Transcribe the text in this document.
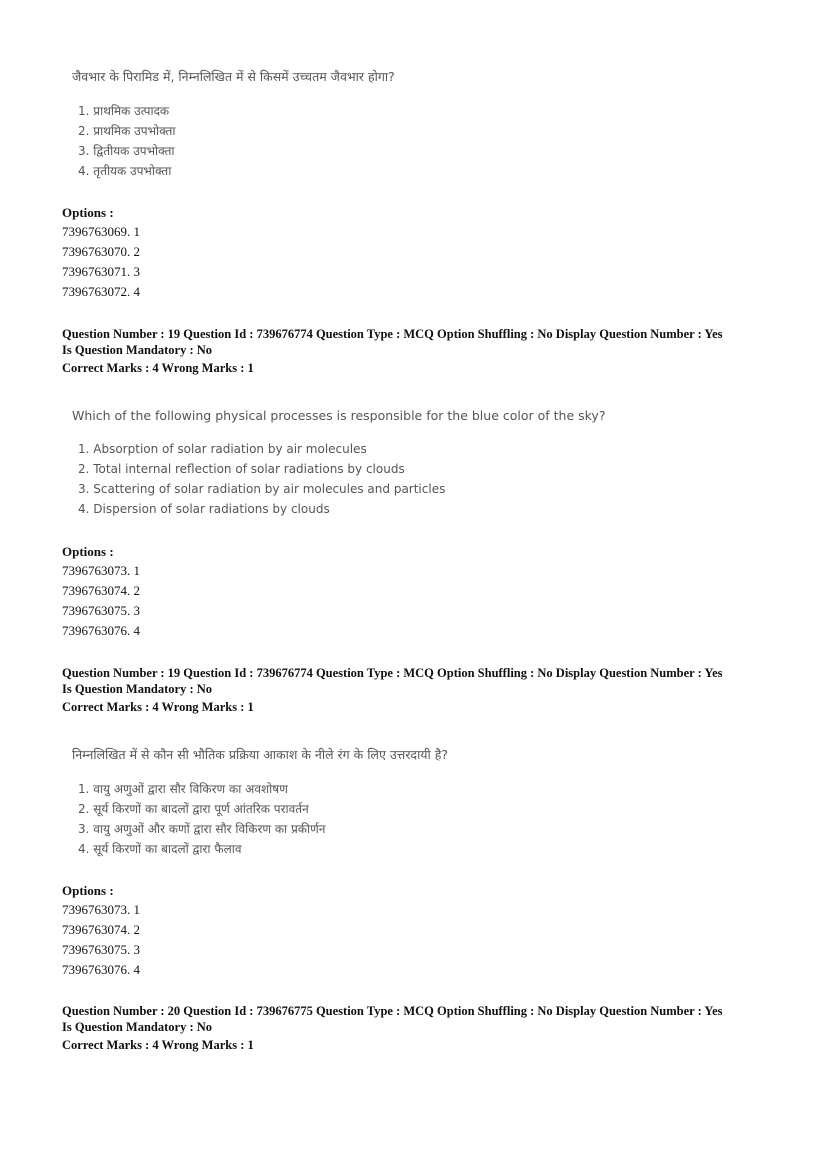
जैवभार के पिरामिड में, निम्नलिखित में से किसमें उच्चतम जैवभार होगा?
1. प्राथमिक उत्पादक
2. प्राथमिक उपभोक्ता
3. द्वितीयक उपभोक्ता
4. तृतीयक उपभोक्ता
Options :
7396763069. 1
7396763070. 2
7396763071. 3
7396763072. 4
Question Number : 19 Question Id : 739676774 Question Type : MCQ Option Shuffling : No Display Question Number : Yes
Is Question Mandatory : No
Correct Marks : 4 Wrong Marks : 1
Which of the following physical processes is responsible for the blue color of the sky?
1. Absorption of solar radiation by air molecules
2. Total internal reflection of solar radiations by clouds
3. Scattering of solar radiation by air molecules and particles
4. Dispersion of solar radiations by clouds
Options :
7396763073. 1
7396763074. 2
7396763075. 3
7396763076. 4
Question Number : 19 Question Id : 739676774 Question Type : MCQ Option Shuffling : No Display Question Number : Yes
Is Question Mandatory : No
Correct Marks : 4 Wrong Marks : 1
निम्नलिखित में से कौन सी भौतिक प्रक्रिया आकाश के नीले रंग के लिए उत्तरदायी है?
1. वायु अणुओं द्वारा सौर विकिरण का अवशोषण
2. सूर्य किरणों का बादलों द्वारा पूर्ण आंतरिक परावर्तन
3. वायु अणुओं और कणों द्वारा सौर विकिरण का प्रकीर्णन
4. सूर्य किरणों का बादलों द्वारा फैलाव
Options :
7396763073. 1
7396763074. 2
7396763075. 3
7396763076. 4
Question Number : 20 Question Id : 739676775 Question Type : MCQ Option Shuffling : No Display Question Number : Yes
Is Question Mandatory : No
Correct Marks : 4 Wrong Marks : 1
